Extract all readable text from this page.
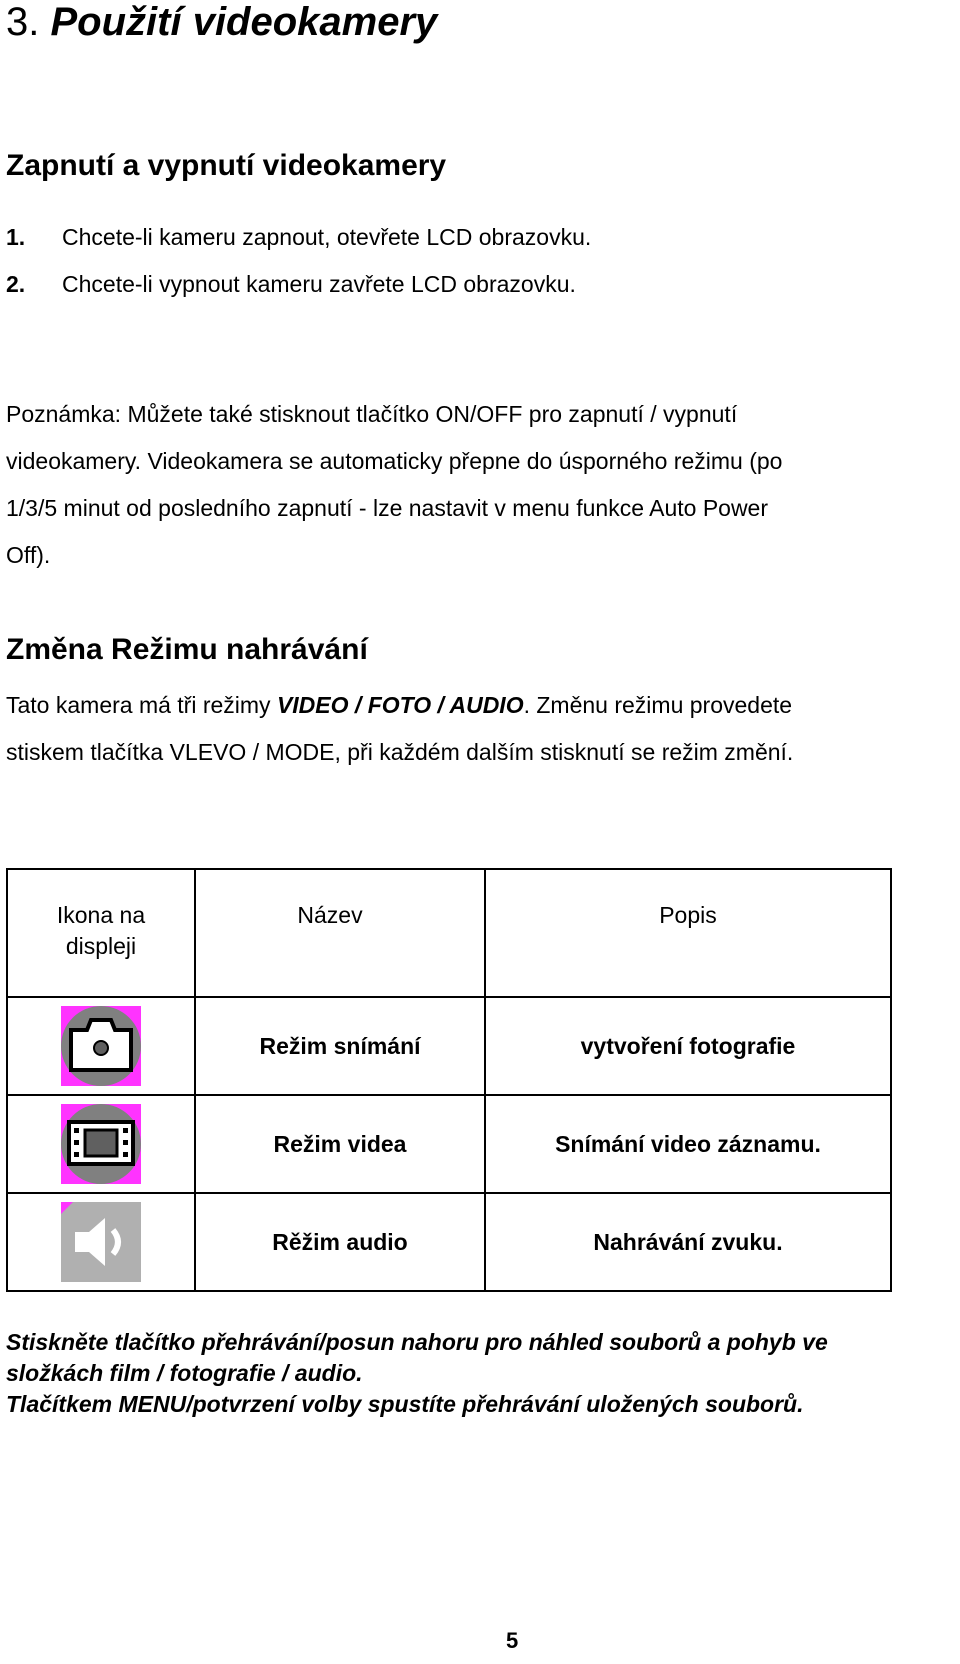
3. Použití videokamery
Zapnutí a vypnutí videokamery
1. Chcete-li kameru zapnout, otevřete LCD obrazovku.
2. Chcete-li vypnout kameru zavřete LCD obrazovku.
Poznámka: Můžete také stisknout tlačítko ON/OFF pro zapnutí / vypnutí
videokamery. Videokamera se automaticky přepne do úsporného režimu (po
1/3/5 minut od posledního zapnutí - lze nastavit v menu funkce Auto Power
Off).
Změna Režimu nahrávání
Tato kamera má tři režimy VIDEO / FOTO / AUDIO. Změnu režimu provedete
stiskem tlačítka VLEVO / MODE, při každém dalším stisknutí se režim změní.
Ikona na displeji	Název	Popis
	Režim snímání	vytvoření fotografie
	Režim videa	Snímání video záznamu.
	Rěžim audio	Nahrávání zvuku.
Stiskněte tlačítko přehrávání/posun nahoru pro náhled souborů a pohyb ve
složkách film / fotografie / audio.
Tlačítkem MENU/potvrzení volby spustíte přehrávání uložených souborů.
5
